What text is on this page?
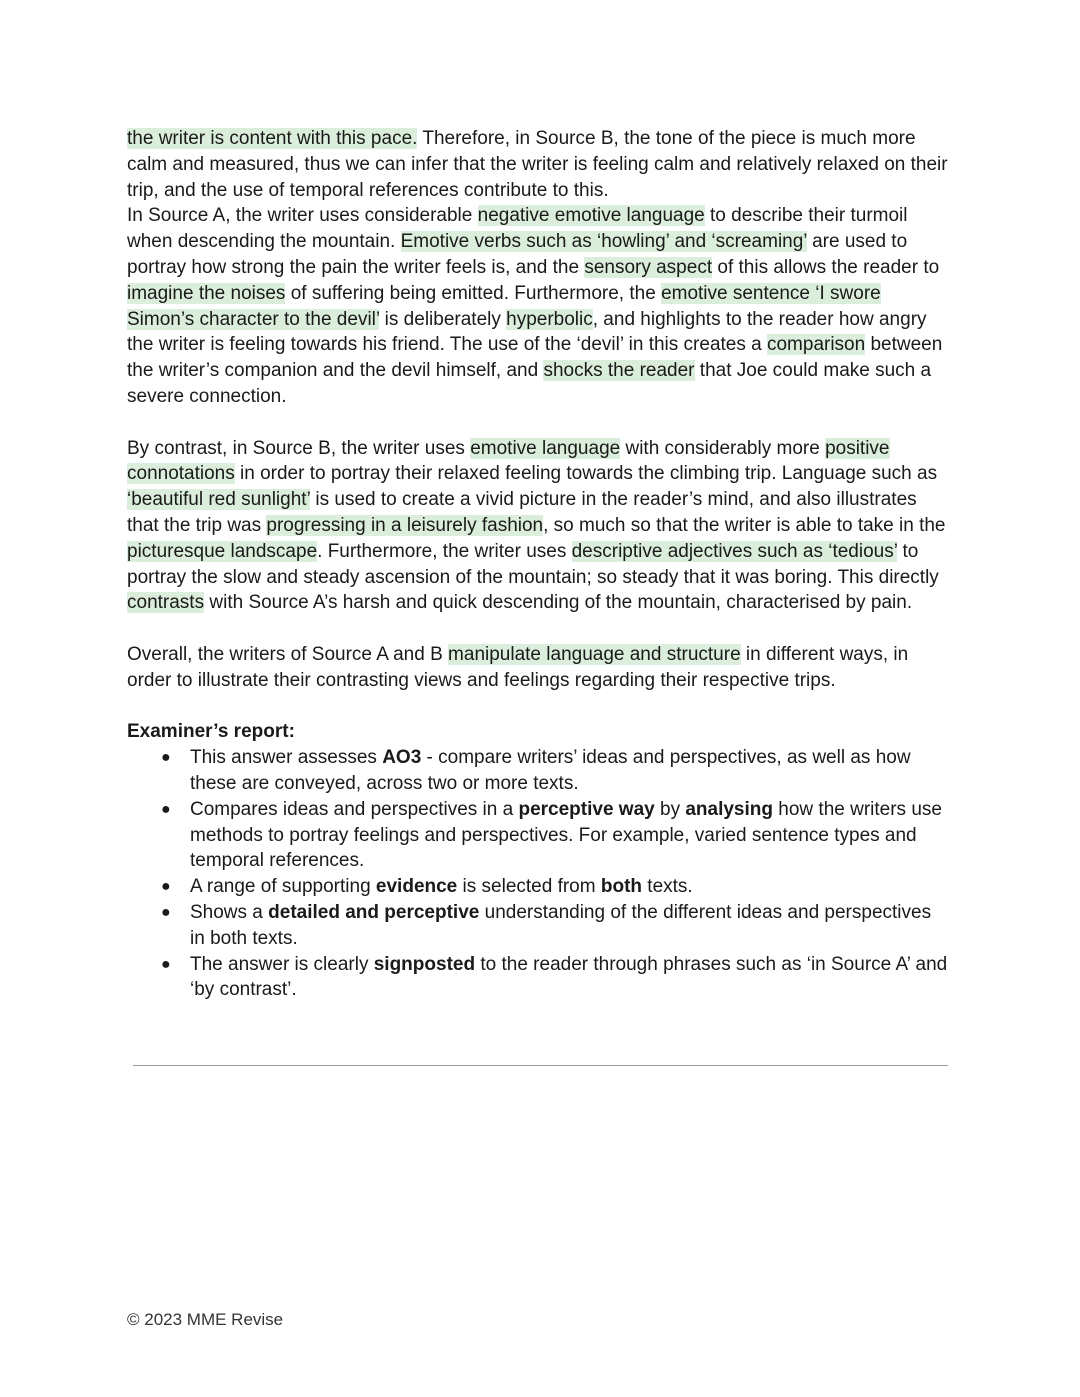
the writer is content with this pace. Therefore, in Source B, the tone of the piece is much more calm and measured, thus we can infer that the writer is feeling calm and relatively relaxed on their trip, and the use of temporal references contribute to this.

In Source A, the writer uses considerable negative emotive language to describe their turmoil when descending the mountain. Emotive verbs such as ‘howling’ and ‘screaming’ are used to portray how strong the pain the writer feels is, and the sensory aspect of this allows the reader to imagine the noises of suffering being emitted. Furthermore, the emotive sentence ‘I swore Simon’s character to the devil’ is deliberately hyperbolic, and highlights to the reader how angry the writer is feeling towards his friend. The use of the ‘devil’ in this creates a comparison between the writer’s companion and the devil himself, and shocks the reader that Joe could make such a severe connection.

By contrast, in Source B, the writer uses emotive language with considerably more positive connotations in order to portray their relaxed feeling towards the climbing trip. Language such as ‘beautiful red sunlight’ is used to create a vivid picture in the reader’s mind, and also illustrates that the trip was progressing in a leisurely fashion, so much so that the writer is able to take in the picturesque landscape. Furthermore, the writer uses descriptive adjectives such as ‘tedious’ to portray the slow and steady ascension of the mountain; so steady that it was boring. This directly contrasts with Source A’s harsh and quick descending of the mountain, characterised by pain.

Overall, the writers of Source A and B manipulate language and structure in different ways, in order to illustrate their contrasting views and feelings regarding their respective trips.

Examiner’s report:

● This answer assesses AO3 - compare writers’ ideas and perspectives, as well as how these are conveyed, across two or more texts.
● Compares ideas and perspectives in a perceptive way by analysing how the writers use methods to portray feelings and perspectives. For example, varied sentence types and temporal references.
● A range of supporting evidence is selected from both texts.
● Shows a detailed and perceptive understanding of the different ideas and perspectives in both texts.
● The answer is clearly signposted to the reader through phrases such as ‘in Source A’ and ‘by contrast’.
© 2023 MME Revise
